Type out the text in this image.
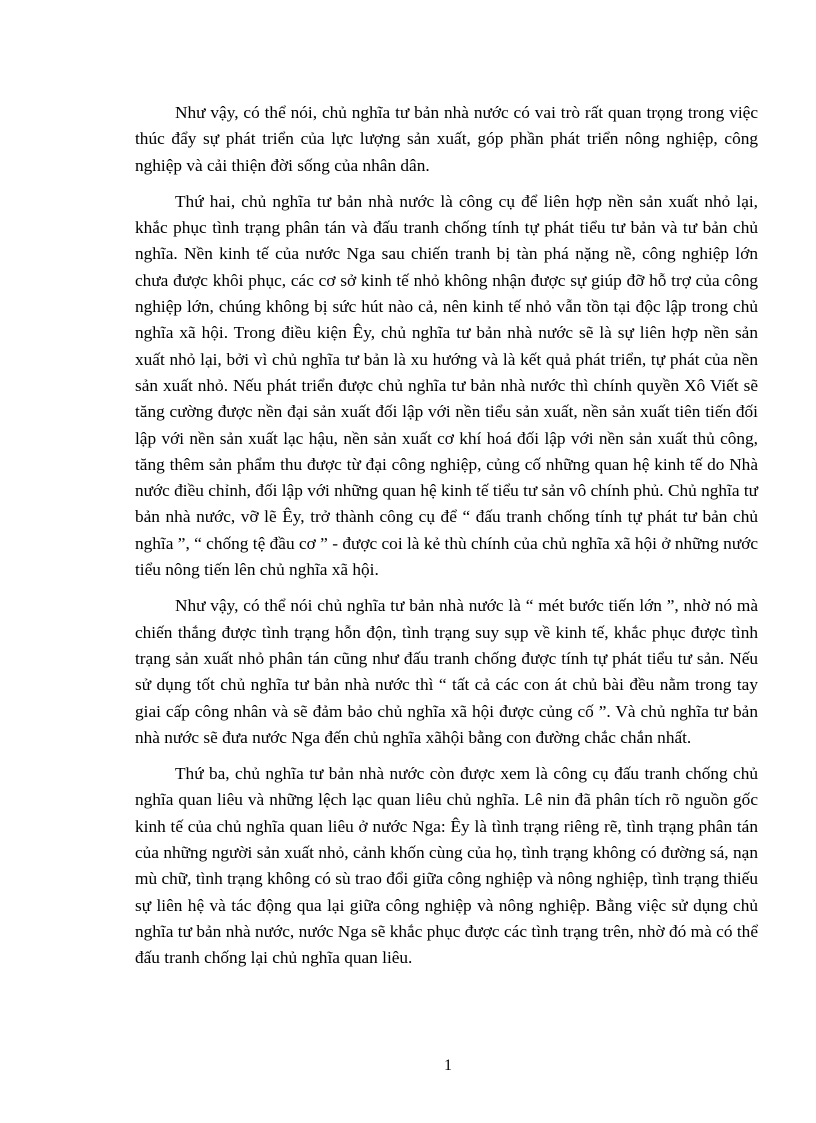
Như vậy, có thể nói, chủ nghĩa tư bản nhà nước có vai trò rất quan trọng trong việc thúc đẩy sự phát triển của lực lượng sản xuất, góp phần phát triển nông nghiệp, công nghiệp và cải thiện đời sống của nhân dân.

Thứ hai, chủ nghĩa tư bản nhà nước là công cụ để liên hợp nền sản xuất nhỏ lại, khắc phục tình trạng phân tán và đấu tranh chống tính tự phát tiểu tư bản và tư bản chủ nghĩa. Nền kinh tế của nước Nga sau chiến tranh bị tàn phá nặng nề, công nghiệp lớn chưa được khôi phục, các cơ sở kinh tế nhỏ không nhận được sự giúp đỡ hỗ trợ của công nghiệp lớn, chúng không bị sức hút nào cả, nên kinh tế nhỏ vẫn tồn tại độc lập trong chủ nghĩa xã hội. Trong điều kiện Êy, chủ nghĩa tư bản nhà nước sẽ là sự liên hợp nền sản xuất nhỏ lại, bởi vì chủ nghĩa tư bản là xu hướng và là kết quả phát triển, tự phát của nền sản xuất nhỏ. Nếu phát triển được chủ nghĩa tư bản nhà nước thì chính quyền Xô Viết sẽ tăng cường được nền đại sản xuất đối lập với nền tiểu sản xuất, nền sản xuất tiên tiến đối lập với nền sản xuất lạc hậu, nền sản xuất cơ khí hoá đối lập với nền sản xuất thủ công, tăng thêm sản phẩm thu được từ đại công nghiệp, củng cố những quan hệ kinh tế do Nhà nước điều chỉnh, đối lập với những quan hệ kinh tế tiểu tư sản vô chính phủ. Chủ nghĩa tư bản nhà nước, vỡ lẽ Êy, trở thành công cụ để “ đấu tranh chống tính tự phát tư bản chủ nghĩa ”, “ chống tệ đầu cơ ” - được coi là kẻ thù chính của chủ nghĩa xã hội ở những nước tiểu nông tiến lên chủ nghĩa xã hội.

Như vậy, có thể nói chủ nghĩa tư bản nhà nước là “ mét bước tiến lớn ”, nhờ nó mà chiến thắng được tình trạng hỗn độn, tình trạng suy sụp về kinh tế, khắc phục được tình trạng sản xuất nhỏ phân tán cũng như đấu tranh chống được tính tự phát tiểu tư sản. Nếu sử dụng tốt chủ nghĩa tư bản nhà nước thì “ tất cả các con át chủ bài đều nằm trong tay giai cấp công nhân và sẽ đảm bảo chủ nghĩa xã hội được củng cố ”. Và chủ nghĩa tư bản nhà nước sẽ đưa nước Nga đến chủ nghĩa xãhội bằng con đường chắc chắn nhất.

Thứ ba, chủ nghĩa tư bản nhà nước còn được xem là công cụ đấu tranh chống chủ nghĩa quan liêu và những lệch lạc quan liêu chủ nghĩa. Lê nin đã phân tích rõ nguồn gốc kinh tế của chủ nghĩa quan liêu ở nước Nga: Êy là tình trạng riêng rẽ, tình trạng phân tán của những người sản xuất nhỏ, cảnh khốn cùng của họ, tình trạng không có đường sá, nạn mù chữ, tình trạng không có sù trao đổi giữa công nghiệp và nông nghiệp, tình trạng thiếu sự liên hệ và tác động qua lại giữa công nghiệp và nông nghiệp. Bằng việc sử dụng chủ nghĩa tư bản nhà nước, nước Nga sẽ khắc phục được các tình trạng trên, nhờ đó mà có thể đấu tranh chống lại chủ nghĩa quan liêu.

1
